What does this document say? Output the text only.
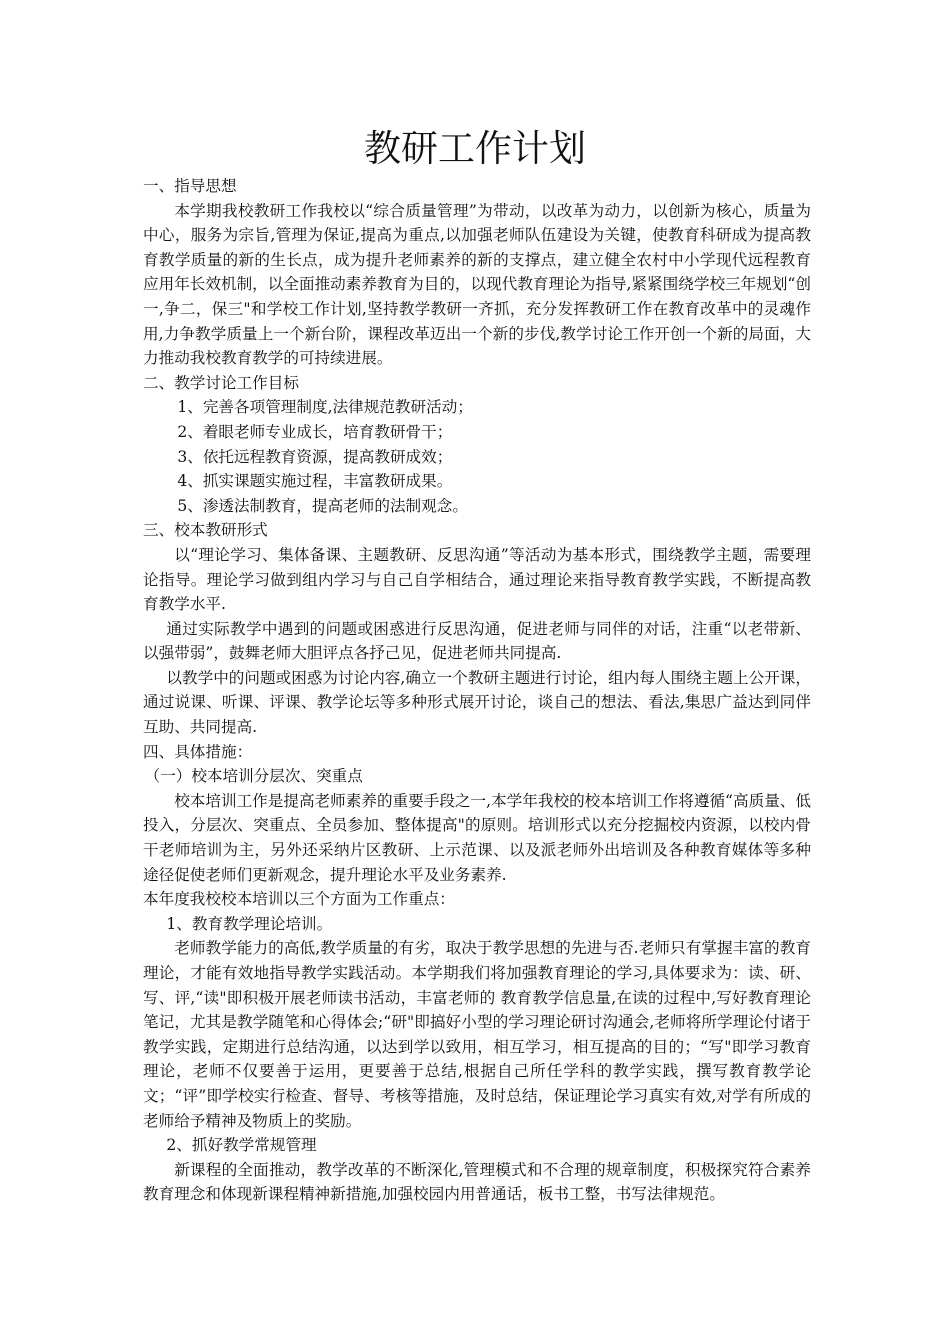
教研工作计划

一、指导思想

本学期我校教研工作我校以“综合质量管理”为带动，以改革为动力，以创新为核心，质量为中心，服务为宗旨,管理为保证,提高为重点,以加强老师队伍建设为关键，使教育科研成为提高教育教学质量的新的生长点，成为提升老师素养的新的支撑点，建立健全农村中小学现代远程教育应用年长效机制，以全面推动素养教育为目的，以现代教育理论为指导,紧紧围绕学校三年规划“创一,争二，保三"和学校工作计划,坚持教学教研一齐抓，充分发挥教研工作在教育改革中的灵魂作用,力争教学质量上一个新台阶，课程改革迈出一个新的步伐,教学讨论工作开创一个新的局面，大力推动我校教育教学的可持续进展。

二、教学讨论工作目标

1、完善各项管理制度,法律规范教研活动；

2、着眼老师专业成长，培育教研骨干；

3、依托远程教育资源，提高教研成效；

4、抓实课题实施过程，丰富教研成果。

5、渗透法制教育，提高老师的法制观念。

三、校本教研形式

以“理论学习、集体备课、主题教研、反思沟通”等活动为基本形式，围绕教学主题，需要理论指导。理论学习做到组内学习与自己自学相结合，通过理论来指导教育教学实践，不断提高教育教学水平.

通过实际教学中遇到的问题或困惑进行反思沟通，促进老师与同伴的对话，注重“以老带新、以强带弱”，鼓舞老师大胆评点各抒己见，促进老师共同提高.

以教学中的问题或困惑为讨论内容,确立一个教研主题进行讨论，组内每人围绕主题上公开课，通过说课、听课、评课、教学论坛等多种形式展开讨论，谈自己的想法、看法,集思广益达到同伴互助、共同提高.

四、具体措施：

（一）校本培训分层次、突重点

校本培训工作是提高老师素养的重要手段之一,本学年我校的校本培训工作将遵循“高质量、低投入，分层次、突重点、全员参加、整体提高"的原则。培训形式以充分挖掘校内资源，以校内骨干老师培训为主，另外还采纳片区教研、上示范课、以及派老师外出培训及各种教育媒体等多种途径促使老师们更新观念，提升理论水平及业务素养.

本年度我校校本培训以三个方面为工作重点：

1、教育教学理论培训。

老师教学能力的高低,教学质量的有劣，取决于教学思想的先进与否.老师只有掌握丰富的教育理论，才能有效地指导教学实践活动。本学期我们将加强教育理论的学习,具体要求为：读、研、写、评,“读"即积极开展老师读书活动，丰富老师的 教育教学信息量,在读的过程中,写好教育理论笔记，尤其是教学随笔和心得体会;“研"即搞好小型的学习理论研讨沟通会,老师将所学理论付诸于教学实践，定期进行总结沟通，以达到学以致用，相互学习，相互提高的目的；“写"即学习教育理论，老师不仅要善于运用，更要善于总结,根据自己所任学科的教学实践，撰写教育教学论文；“评”即学校实行检查、督导、考核等措施，及时总结，保证理论学习真实有效,对学有所成的老师给予精神及物质上的奖励。

2、抓好教学常规管理

新课程的全面推动，教学改革的不断深化,管理模式和不合理的规章制度，积极探究符合素养教育理念和体现新课程精神新措施,加强校园内用普通话，板书工整，书写法律规范。
